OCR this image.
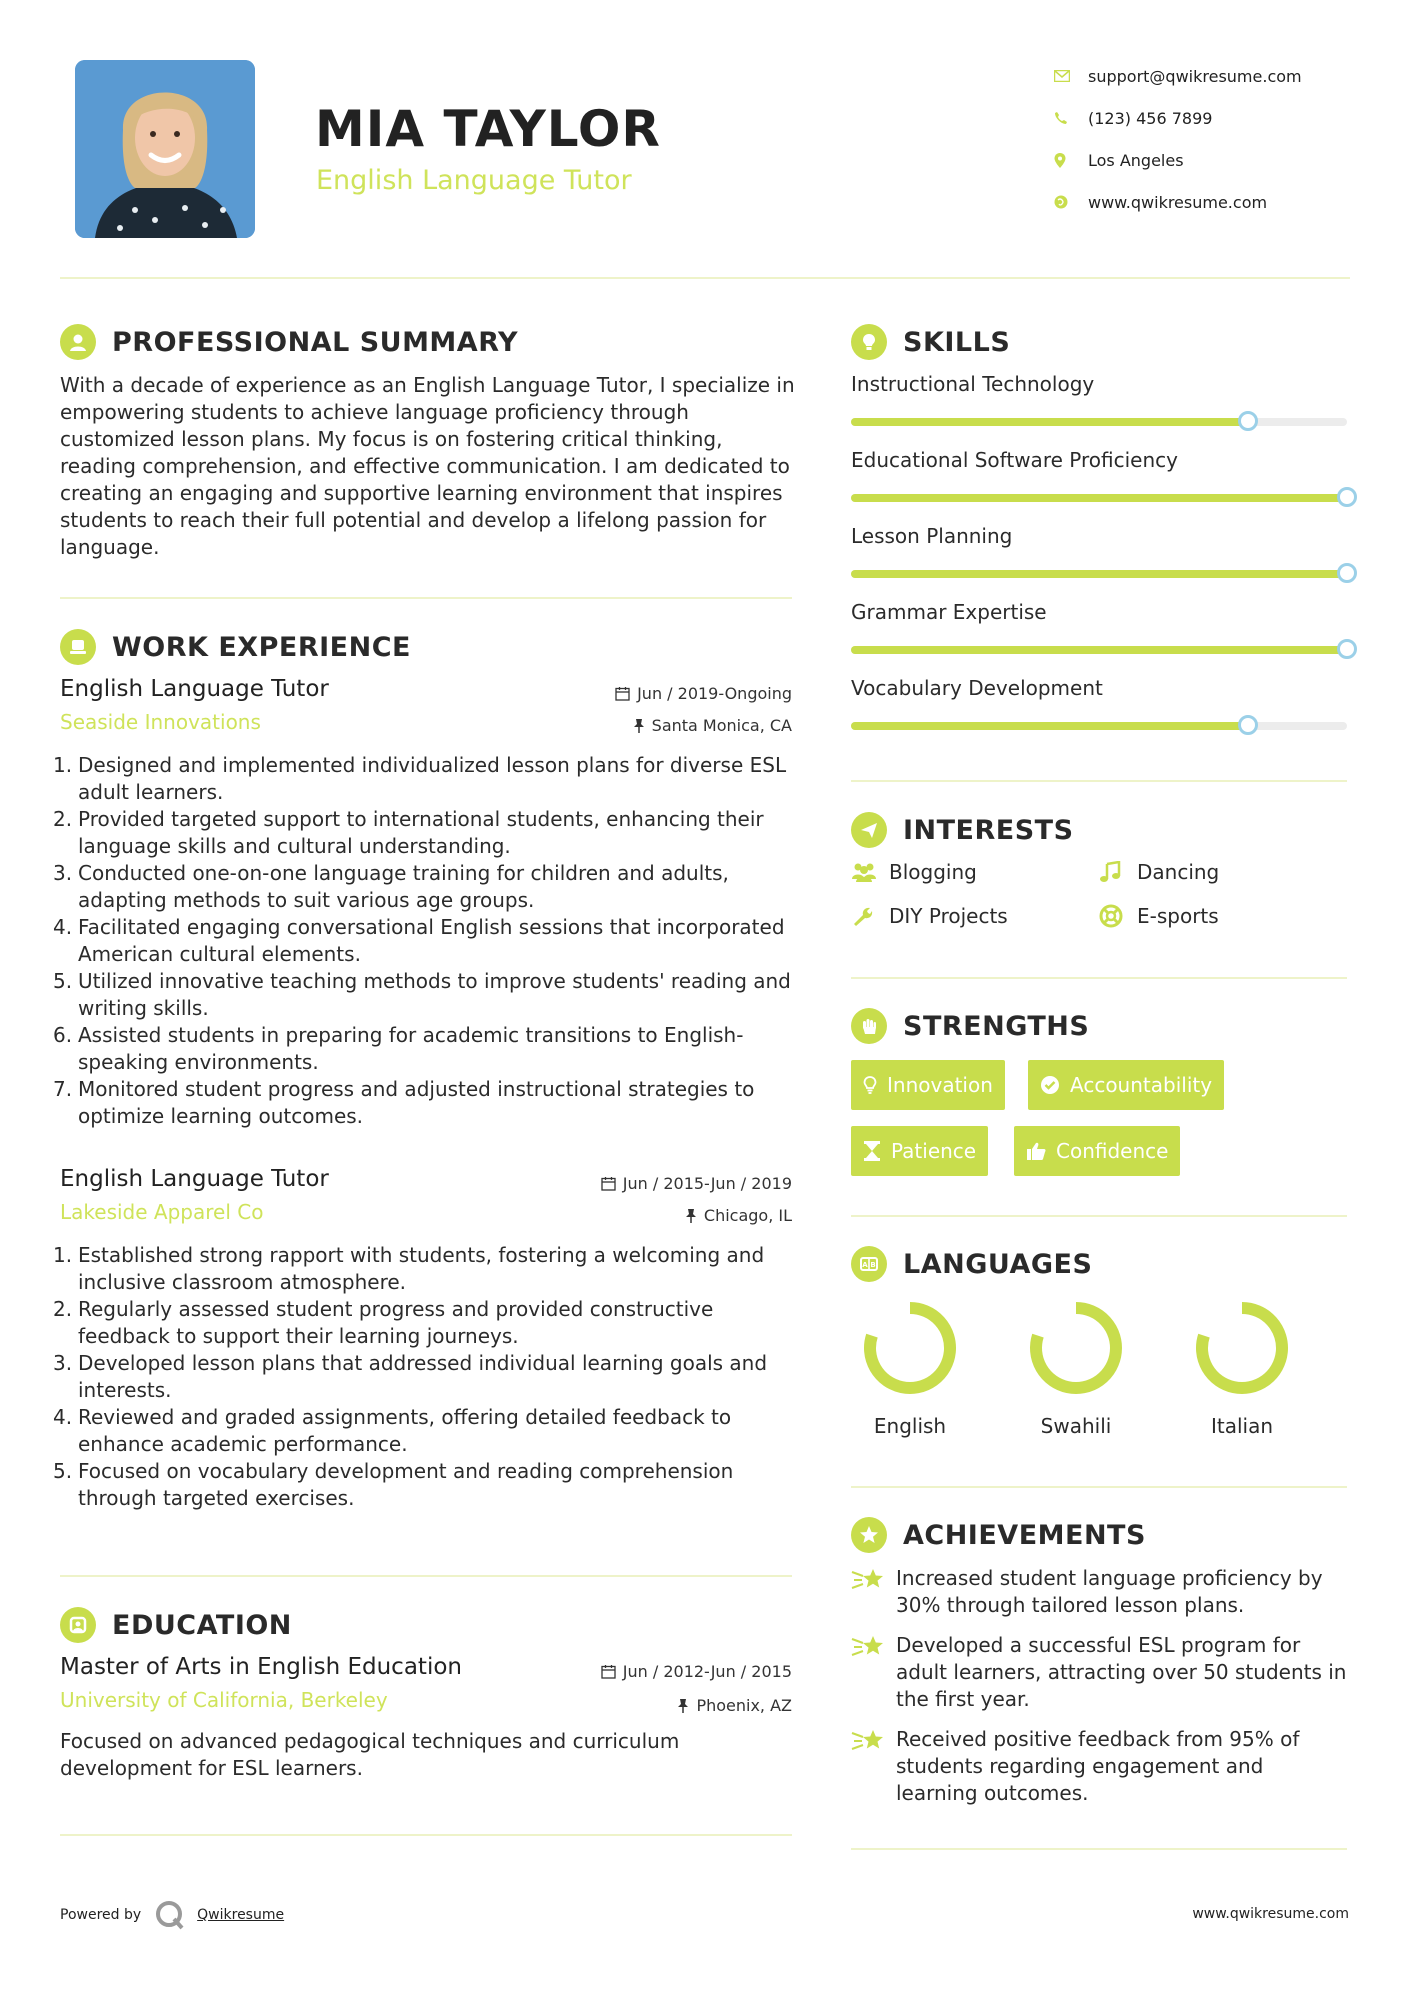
MIA TAYLOR
English Language Tutor
support@qwikresume.com
(123) 456 7899
Los Angeles
www.qwikresume.com
PROFESSIONAL SUMMARY
With a decade of experience as an English Language Tutor, I specialize in empowering students to achieve language proficiency through customized lesson plans. My focus is on fostering critical thinking, reading comprehension, and effective communication. I am dedicated to creating an engaging and supportive learning environment that inspires students to reach their full potential and develop a lifelong passion for language.
WORK EXPERIENCE
English Language Tutor
Seaside Innovations
Jun / 2019-Ongoing
Santa Monica, CA
1. Designed and implemented individualized lesson plans for diverse ESL adult learners.
2. Provided targeted support to international students, enhancing their language skills and cultural understanding.
3. Conducted one-on-one language training for children and adults, adapting methods to suit various age groups.
4. Facilitated engaging conversational English sessions that incorporated American cultural elements.
5. Utilized innovative teaching methods to improve students' reading and writing skills.
6. Assisted students in preparing for academic transitions to English-speaking environments.
7. Monitored student progress and adjusted instructional strategies to optimize learning outcomes.
English Language Tutor
Lakeside Apparel Co
Jun / 2015-Jun / 2019
Chicago, IL
1. Established strong rapport with students, fostering a welcoming and inclusive classroom atmosphere.
2. Regularly assessed student progress and provided constructive feedback to support their learning journeys.
3. Developed lesson plans that addressed individual learning goals and interests.
4. Reviewed and graded assignments, offering detailed feedback to enhance academic performance.
5. Focused on vocabulary development and reading comprehension through targeted exercises.
EDUCATION
Master of Arts in English Education
University of California, Berkeley
Jun / 2012-Jun / 2015
Phoenix, AZ
Focused on advanced pedagogical techniques and curriculum development for ESL learners.
SKILLS
Instructional Technology
Educational Software Proficiency
Lesson Planning
Grammar Expertise
Vocabulary Development
INTERESTS
Blogging	Dancing
DIY Projects	E-sports
STRENGTHS
Innovation	Accountability
Patience	Confidence
A B LANGUAGES
English	Swahili	Italian
ACHIEVEMENTS
Increased student language proficiency by 30% through tailored lesson plans.
Developed a successful ESL program for adult learners, attracting over 50 students in the first year.
Received positive feedback from 95% of students regarding engagement and learning outcomes.
Powered by	Qwikresume	www.qwikresume.com
